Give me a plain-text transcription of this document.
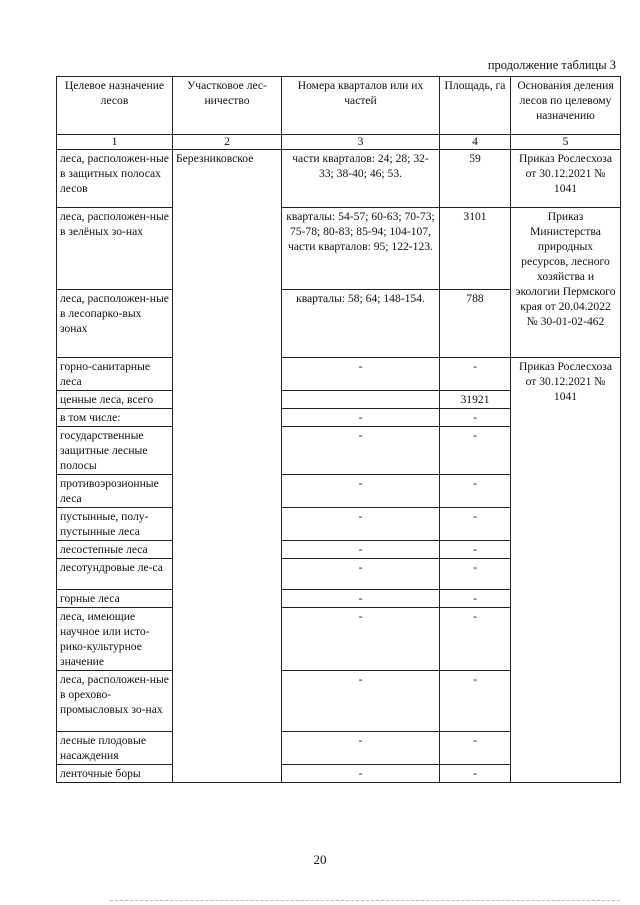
продолжение таблицы 3
Целевое назначение лесов	Участковое лес-ничество	Номера кварталов или их частей	Площадь, га	Основания деления лесов по целевому назначению
1	2	3	4	5
леса, расположен-ные в защитных полосах лесов	Березниковское	части кварталов: 24; 28; 32-33; 38-40; 46; 53.	59	Приказ Рослесхоза от 30.12.2021 № 1041
леса, расположен-ные в зелёных зо-нах		кварталы: 54-57; 60-63; 70-73; 75-78; 80-83; 85-94; 104-107, части кварталов: 95; 122-123.	3101	Приказ Министерства природных ресурсов, лесного хозяйства и экологии Пермского края от 20.04.2022 № 30-01-02-462
леса, расположен-ные в лесопарко-вых зонах		кварталы: 58; 64; 148-154.	788	
горно-санитарные леса		-	-	Приказ Рослесхоза от 30.12.2021 № 1041
ценные леса, всего			31921	
в том числе:		-	-	
государственные защитные лесные полосы		-	-	
противоэрозионные леса		-	-	
пустынные, полу-пустынные леса		-	-	
лесостепные леса		-	-	
лесотундровые ле-са		-	-	
горные леса		-	-	
леса, имеющие научное или исто-рико-культурное значение		-	-	
леса, расположен-ные в орехово-промысловых зо-нах		-	-	
лесные плодовые насаждения		-	-	
ленточные боры		-	-	
20
